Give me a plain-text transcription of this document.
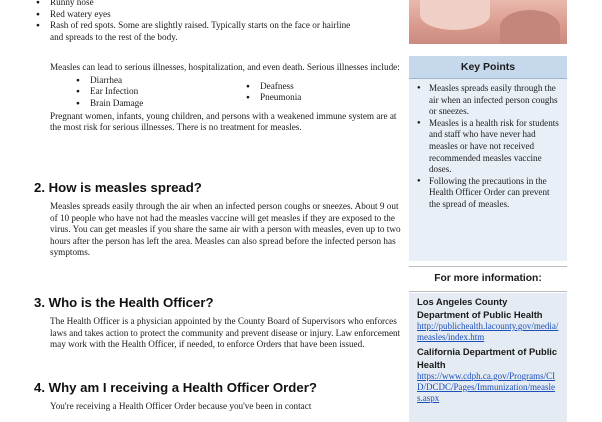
● Runny nose
● Red watery eyes
● Rash of red spots. Some are slightly raised. Typically starts on the face or hairline and spreads to the rest of the body.

Measles can lead to serious illnesses, hospitalization, and even death. Serious illnesses include:

● Diarrhea
● Ear Infection
● Brain Damage
● Deafness
● Pneumonia

Pregnant women, infants, young children, and persons with a weakened immune system are at the most risk for serious illnesses. There is no treatment for measles.

2. How is measles spread?

Measles spreads easily through the air when an infected person coughs or sneezes. About 9 out of 10 people who have not had the measles vaccine will get measles if they are exposed to the virus. You can get measles if you share the same air with a person with measles, even up to two hours after the person has left the area. Measles can also spread before the infected person has symptoms.

3. Who is the Health Officer?

The Health Officer is a physician appointed by the County Board of Supervisors who enforces laws and takes action to protect the community and prevent disease or injury. Law enforcement may work with the Health Officer, if needed, to enforce Orders that have been issued.

4. Why am I receiving a Health Officer Order?

You're receiving a Health Officer Order because you've been in contact

Key Points
● Measles spreads easily through the air when an infected person coughs or sneezes.
● Measles is a health risk for students and staff who have never had measles or have not received recommended measles vaccine doses.
● Following the precautions in the Health Officer Order can prevent the spread of measles.
For more information:

Los Angeles County Department of Public Health

http://publichealth.lacounty.gov/media/measles/index.htm

California Department of Public Health

https://www.cdph.ca.gov/Programs/CID/DCDC/Pages/Immunization/measles.aspx
